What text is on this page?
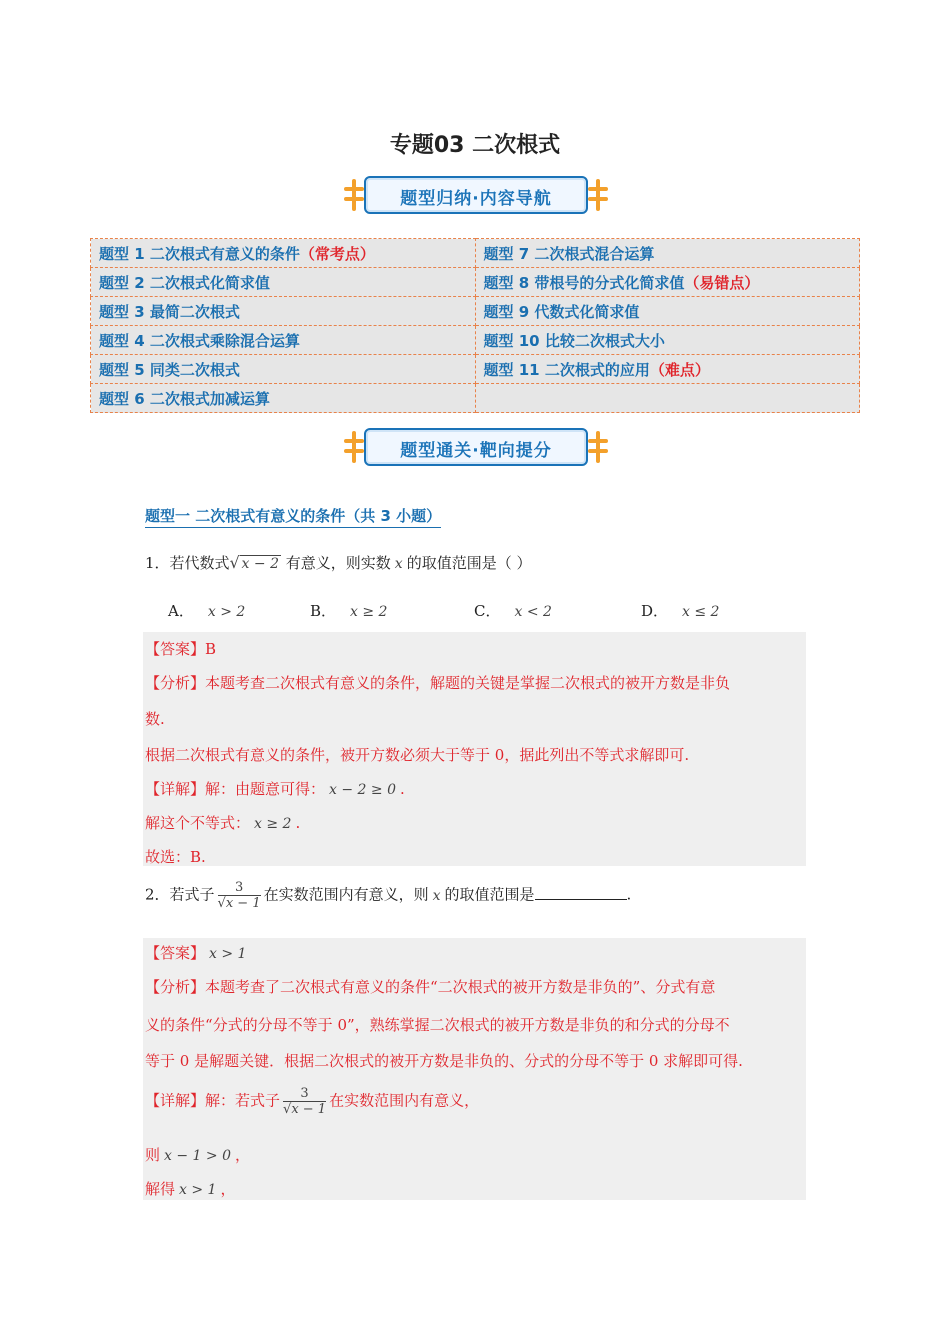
专题03 二次根式
题型归纳·内容导航
题型 1 二次根式有意义的条件（常考点）	题型 7 二次根式混合运算
题型 2 二次根式化简求值	题型 8 带根号的分式化简求值（易错点）
题型 3 最简二次根式	题型 9 代数式化简求值
题型 4 二次根式乘除混合运算	题型 10 比较二次根式大小
题型 5 同类二次根式	题型 11 二次根式的应用（难点）
题型 6 二次根式加减运算	
题型通关·靶向提分
题型一 二次根式有意义的条件（共 3 小题）
1．若代数式 √ x − 2 有意义，则实数 x 的取值范围是（ ）
A． x > 2	B． x ≥ 2	C． x < 2	D． x ≤ 2
【答案】B
【分析】本题考查二次根式有意义的条件，解题的关键是掌握二次根式的被开方数是非负
数.
根据二次根式有意义的条件，被开方数必须大于等于 0，据此列出不等式求解即可.
【详解】解：由题意可得： x − 2 ≥ 0 .
解这个不等式： x ≥ 2 .
故选：B.
2．若式子 $\frac{3}{√x - 1}$ 在实数范围内有意义，则 x 的取值范围是	.
【答案】 x > 1
【分析】本题考查了二次根式有意义的条件“二次根式的被开方数是非负的”、分式有意
义的条件“分式的分母不等于 0”，熟练掌握二次根式的被开方数是非负的和分式的分母不
等于 0 是解题关键．根据二次根式的被开方数是非负的、分式的分母不等于 0 求解即可得.
【详解】解：若式子 $\frac{3}{√x - 1}$ 在实数范围内有意义，
则 x − 1 > 0 ，
解得 x > 1 ，
